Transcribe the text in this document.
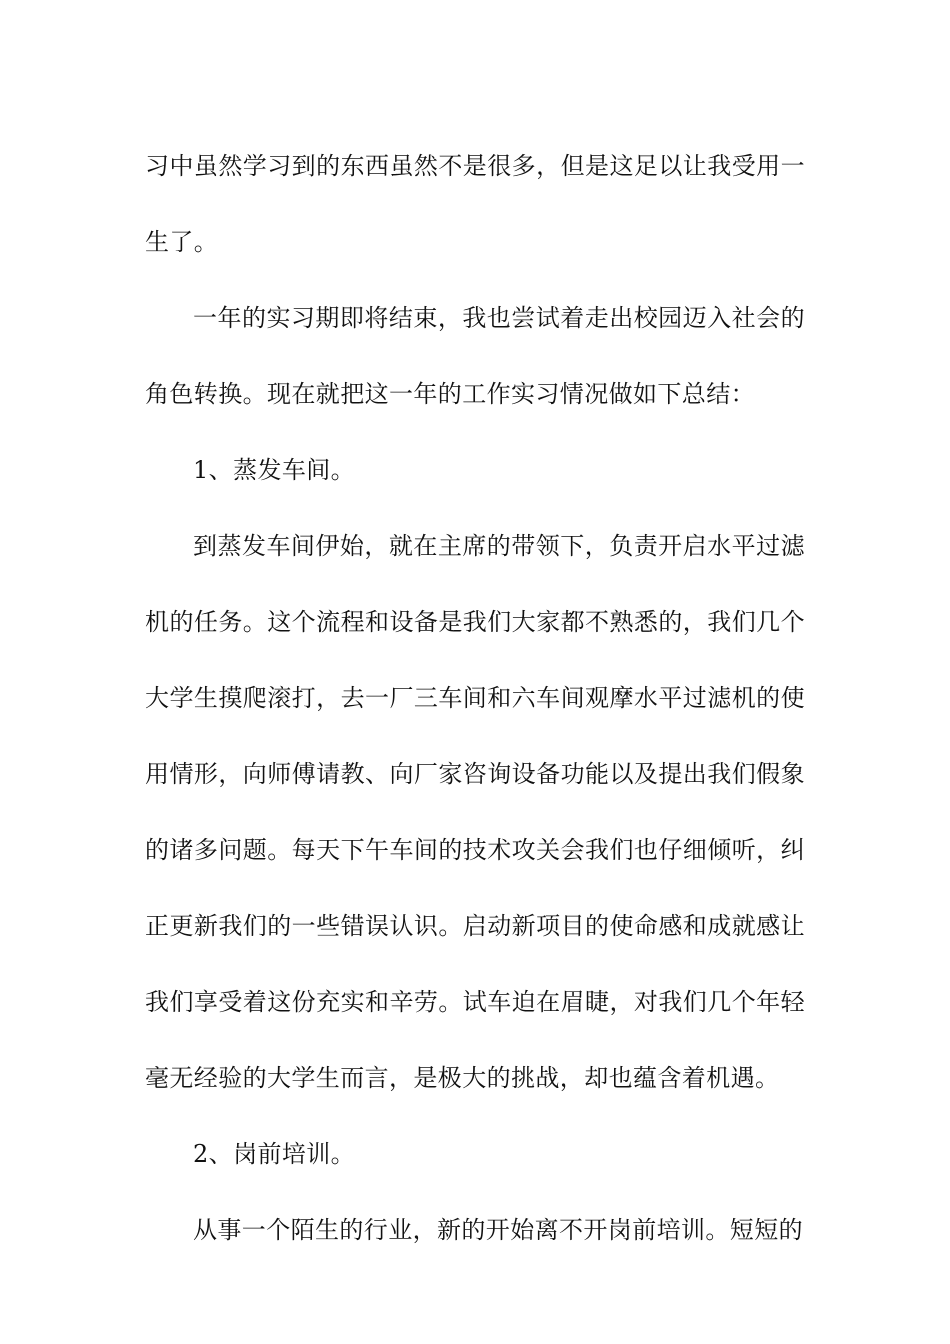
习中虽然学习到的东西虽然不是很多，但是这足以让我受用一生了。

一年的实习期即将结束，我也尝试着走出校园迈入社会的角色转换。现在就把这一年的工作实习情况做如下总结：

1、蒸发车间。

到蒸发车间伊始，就在主席的带领下，负责开启水平过滤机的任务。这个流程和设备是我们大家都不熟悉的，我们几个大学生摸爬滚打，去一厂三车间和六车间观摩水平过滤机的使用情形，向师傅请教、向厂家咨询设备功能以及提出我们假象的诸多问题。每天下午车间的技术攻关会我们也仔细倾听，纠正更新我们的一些错误认识。启动新项目的使命感和成就感让我们享受着这份充实和辛劳。试车迫在眉睫，对我们几个年轻毫无经验的大学生而言，是极大的挑战，却也蕴含着机遇。

2、岗前培训。

从事一个陌生的行业，新的开始离不开岗前培训。短短的
